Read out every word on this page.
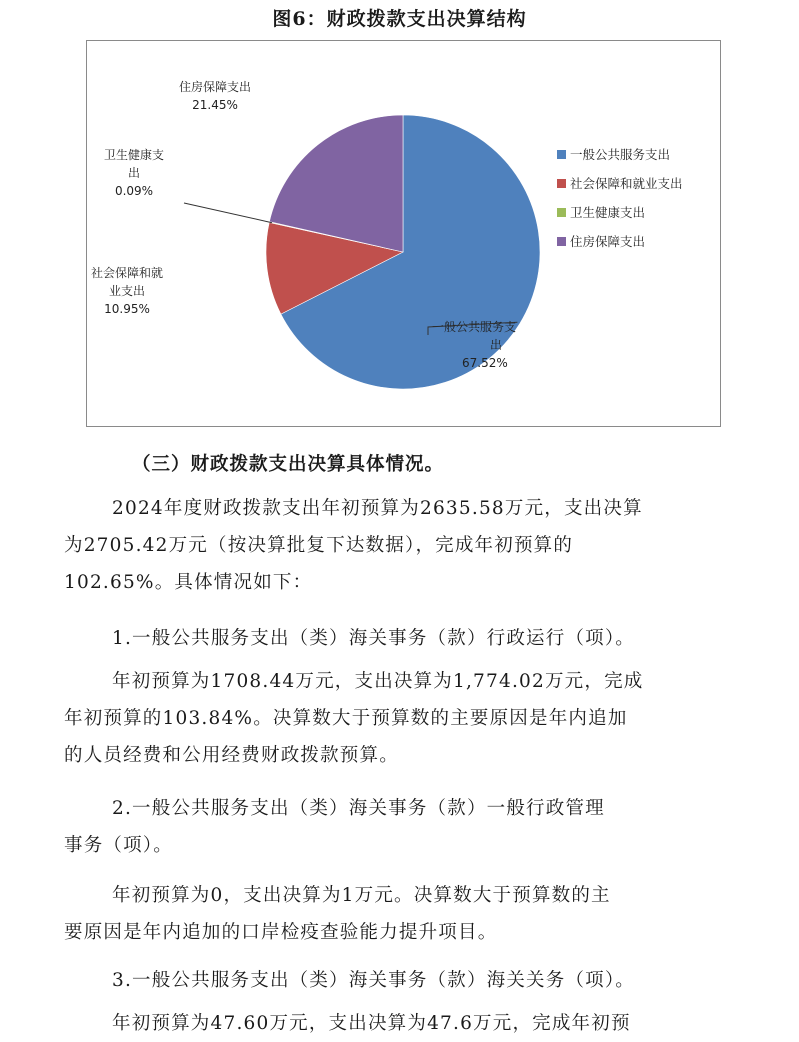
图6：财政拨款支出决算结构
一般公共服务支出 67.52%
社会保障和就业支出 10.95%
卫生健康支出 0.09%
住房保障支出 21.45%
一般公共服务支出
社会保障和就业支出
卫生健康支出
住房保障支出
（三）财政拨款支出决算具体情况。
2024年度财政拨款支出年初预算为2635.58万元，支出决算
为2705.42万元（按决算批复下达数据），完成年初预算的
102.65%。具体情况如下：
1.一般公共服务支出（类）海关事务（款）行政运行（项）。
年初预算为1708.44万元，支出决算为1,774.02万元，完成
年初预算的103.84%。决算数大于预算数的主要原因是年内追加
的人员经费和公用经费财政拨款预算。
2.一般公共服务支出（类）海关事务（款）一般行政管理
事务（项）。
年初预算为0，支出决算为1万元。决算数大于预算数的主
要原因是年内追加的口岸检疫查验能力提升项目。
3.一般公共服务支出（类）海关事务（款）海关关务（项）。
年初预算为47.60万元，支出决算为47.6万元，完成年初预
